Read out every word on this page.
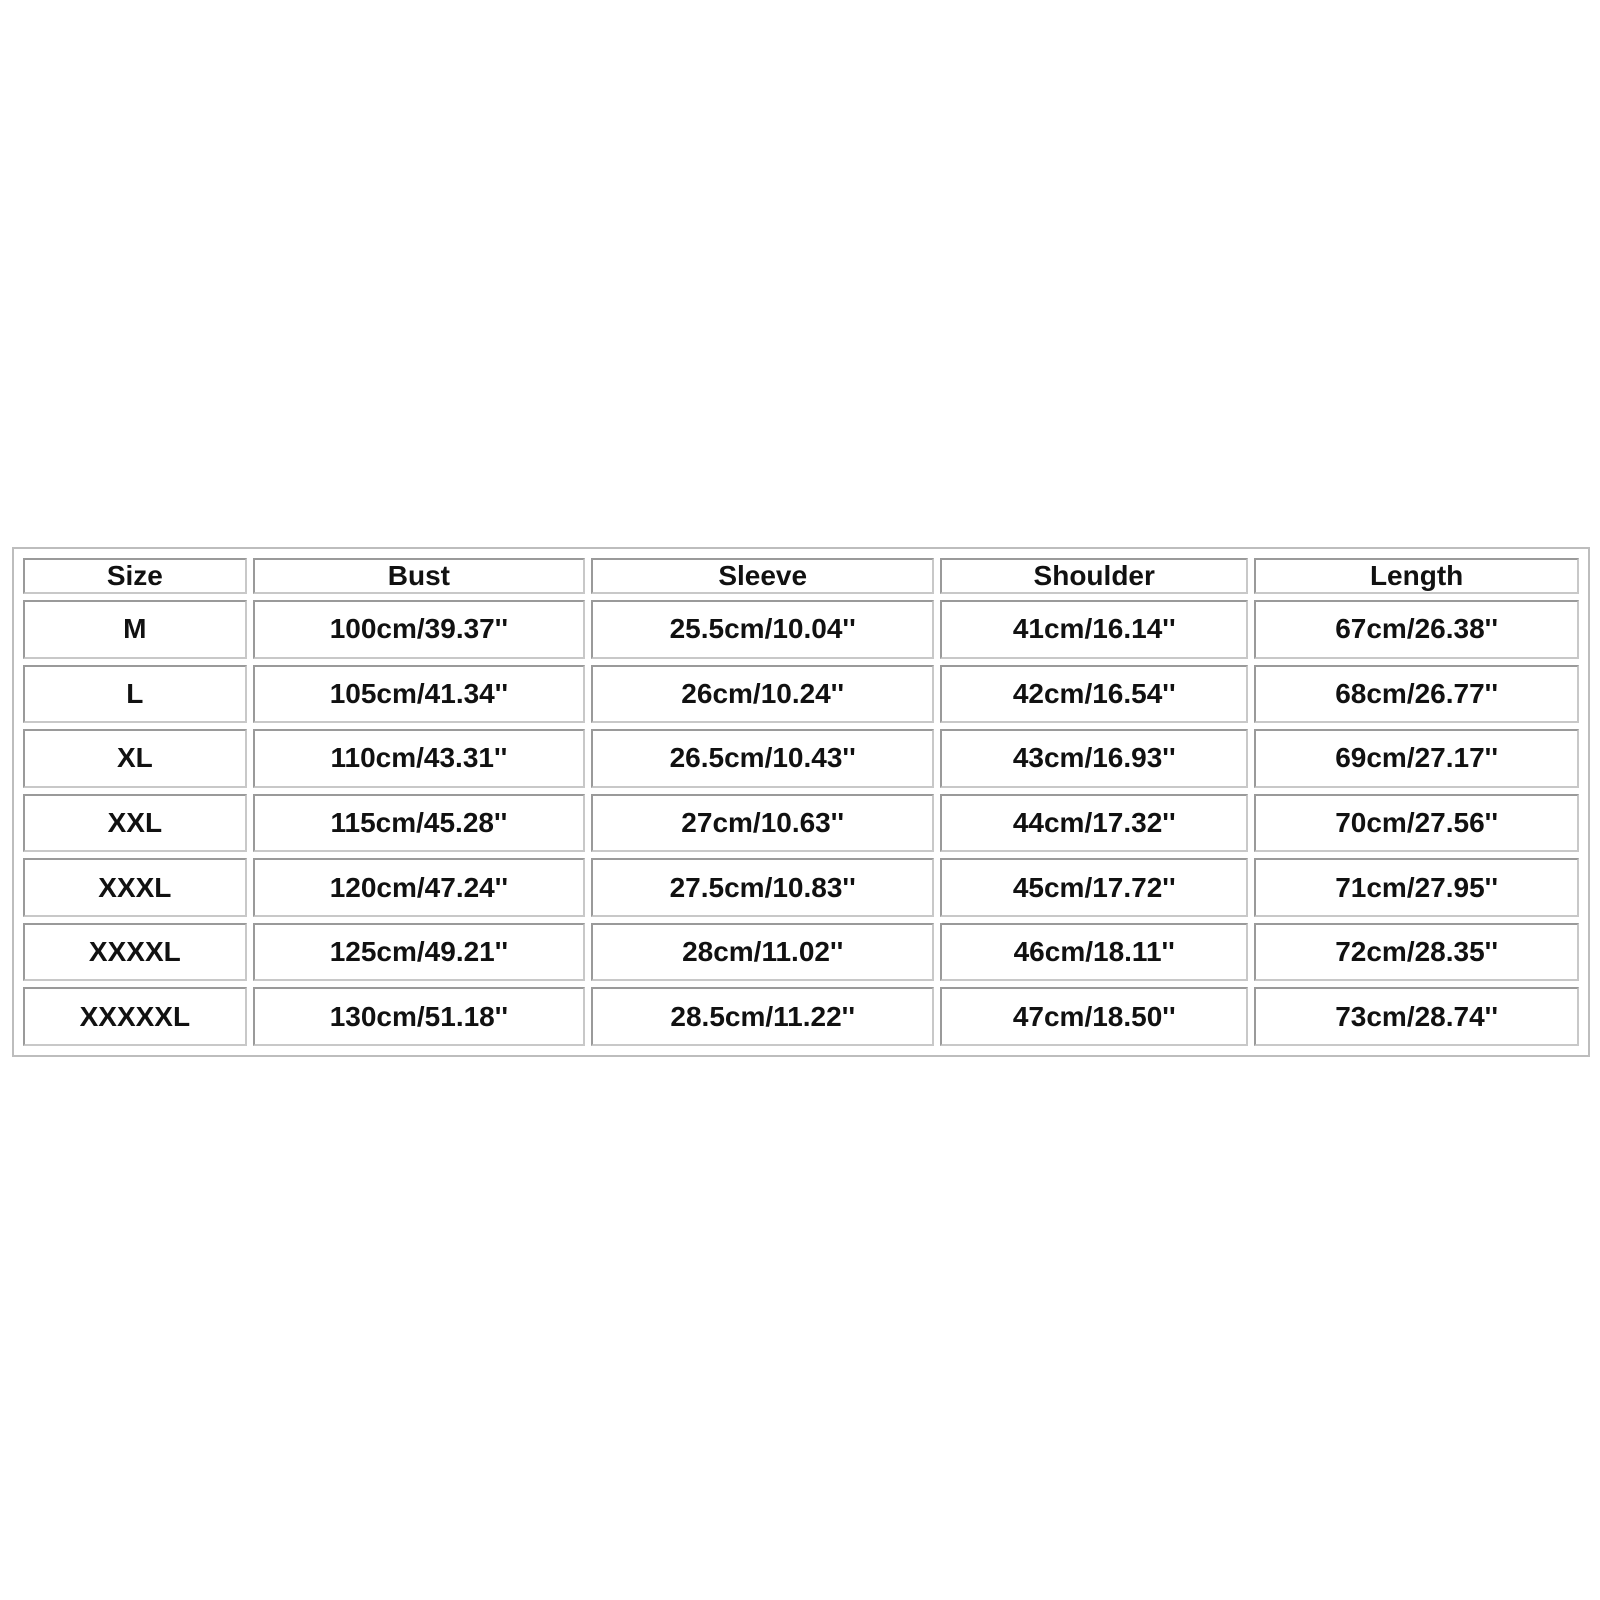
Size	Bust	Sleeve	Shoulder	Length
M	100cm/39.37''	25.5cm/10.04''	41cm/16.14''	67cm/26.38''
L	105cm/41.34''	26cm/10.24''	42cm/16.54''	68cm/26.77''
XL	110cm/43.31''	26.5cm/10.43''	43cm/16.93''	69cm/27.17''
XXL	115cm/45.28''	27cm/10.63''	44cm/17.32''	70cm/27.56''
XXXL	120cm/47.24''	27.5cm/10.83''	45cm/17.72''	71cm/27.95''
XXXXL	125cm/49.21''	28cm/11.02''	46cm/18.11''	72cm/28.35''
XXXXXL	130cm/51.18''	28.5cm/11.22''	47cm/18.50''	73cm/28.74''
